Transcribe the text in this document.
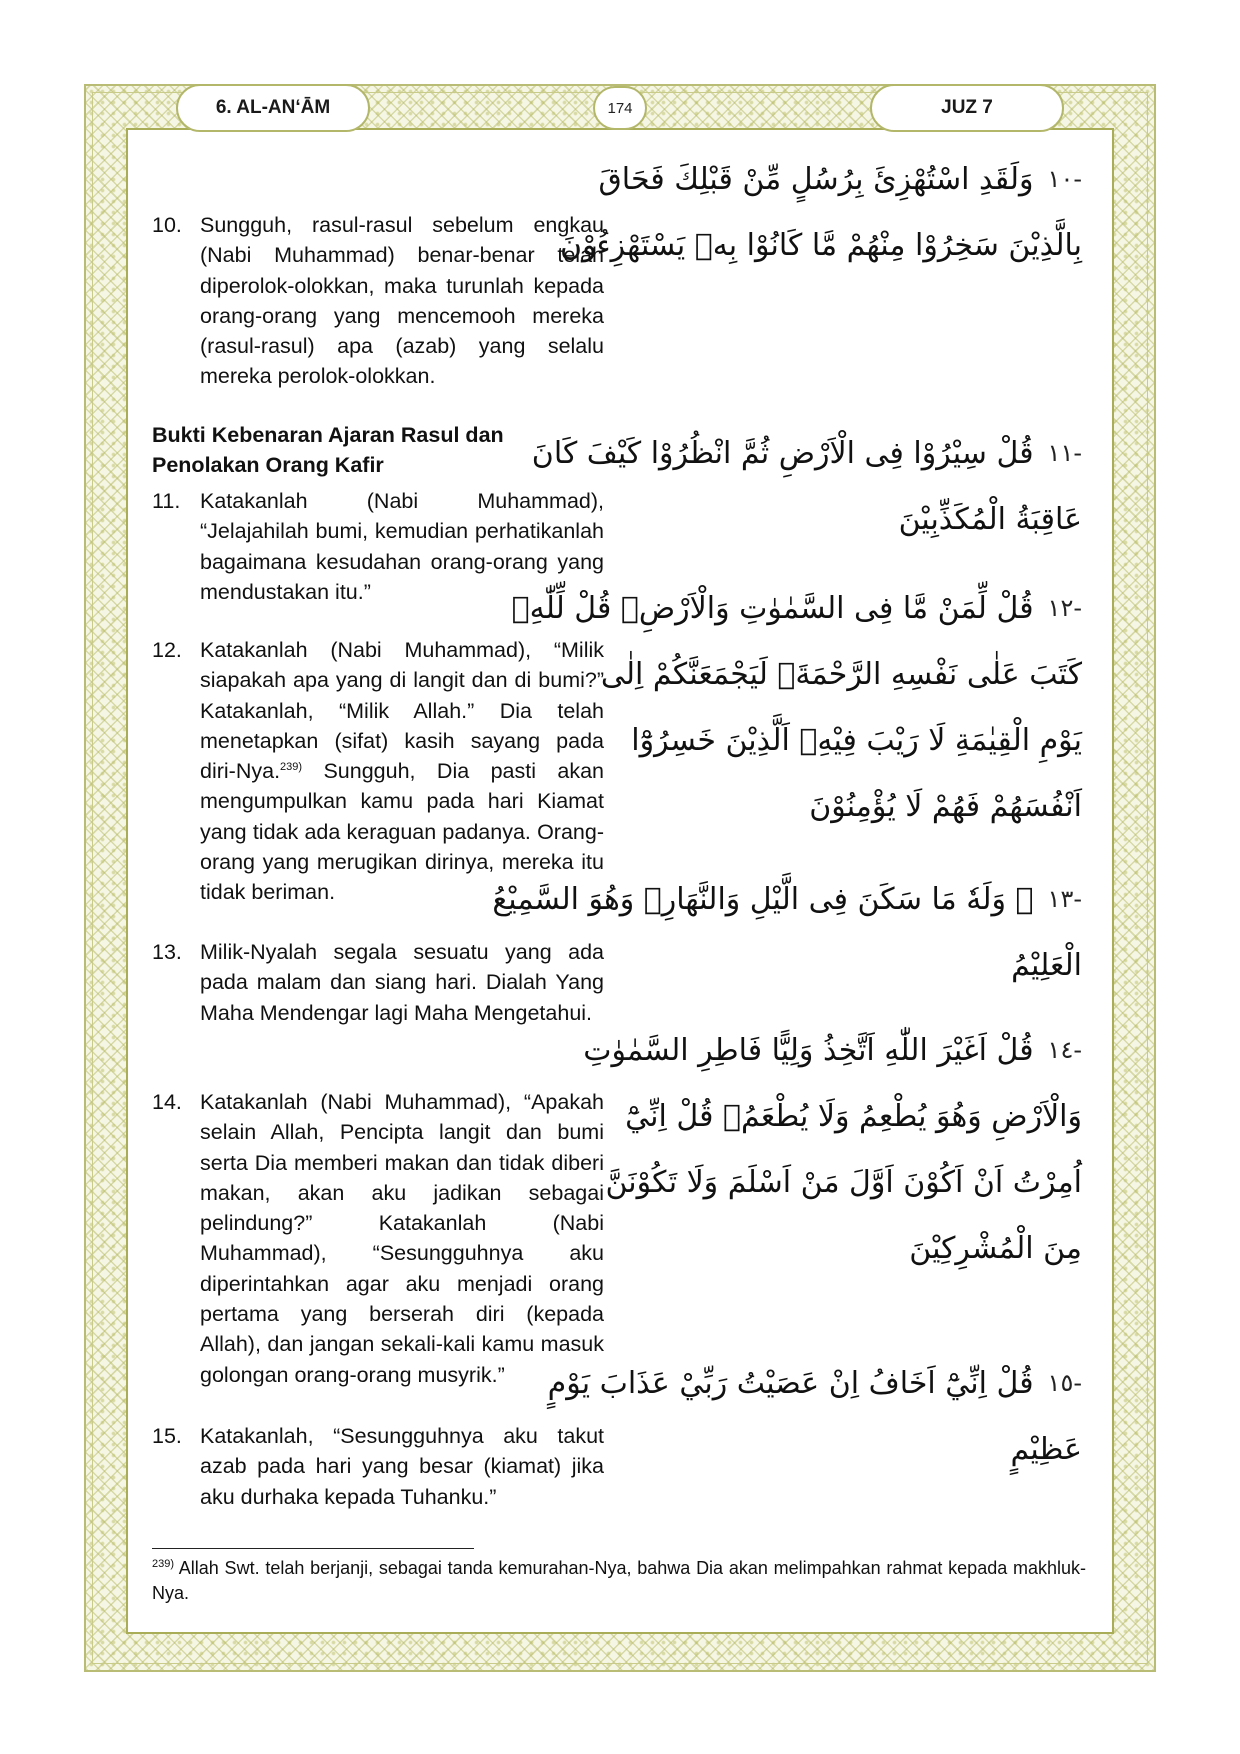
6. AL-AN‘ĀM	174	JUZ 7
10. Sungguh, rasul-rasul sebelum engkau (Nabi Muhammad) benar-benar telah diperolok-olokkan, maka turunlah kepada orang-orang yang mencemooh mereka (rasul-rasul) apa (azab) yang selalu mereka perolok-olokkan.
Bukti Kebenaran Ajaran Rasul dan
Penolakan Orang Kafir
11. Katakanlah (Nabi Muhammad), “Jelajahilah bumi, kemudian perhatikanlah bagaimana kesudahan orang-orang yang mendustakan itu.”
12. Katakanlah (Nabi Muhammad), “Milik siapakah apa yang di langit dan di bumi?” Katakanlah, “Milik Allah.” Dia telah menetapkan (sifat) kasih sayang pada diri-Nya.$^{239)}$ Sungguh, Dia pasti akan mengumpulkan kamu pada hari Kiamat yang tidak ada keraguan padanya. Orang-orang yang merugikan dirinya, mereka itu tidak beriman.
13. Milik-Nyalah segala sesuatu yang ada pada malam dan siang hari. Dialah Yang Maha Mendengar lagi Maha Mengetahui.
14. Katakanlah (Nabi Muhammad), “Apakah selain Allah, Pencipta langit dan bumi serta Dia memberi makan dan tidak diberi makan, akan aku jadikan sebagai pelindung?” Katakanlah (Nabi Muhammad), “Sesungguhnya aku diperintahkan agar aku menjadi orang pertama yang berserah diri (kepada Allah), dan jangan sekali-kali kamu masuk golongan orang-orang musyrik.”
15. Katakanlah, “Sesungguhnya aku takut azab pada hari yang besar (kiamat) jika aku durhaka kepada Tuhanku.”
-١٠
وَلَقَدِ اسْتُهْزِئَ بِرُسُلٍ مِّنْ قَبْلِكَ فَحَاقَ
بِالَّذِيْنَ سَخِرُوْا مِنْهُمْ مَّا كَانُوْا بِهٖ يَسْتَهْزِءُوْنَ
-١١
قُلْ سِيْرُوْا فِى الْاَرْضِ ثُمَّ انْظُرُوْا كَيْفَ كَانَ
عَاقِبَةُ الْمُكَذِّبِيْنَ
-١٢
قُلْ لِّمَنْ مَّا فِى السَّمٰوٰتِ وَالْاَرْضِۗ قُلْ لِّلّٰهِۗ
كَتَبَ عَلٰى نَفْسِهِ الرَّحْمَةَۗ لَيَجْمَعَنَّكُمْ اِلٰى
يَوْمِ الْقِيٰمَةِ لَا رَيْبَ فِيْهِۗ اَلَّذِيْنَ خَسِرُوْٓا
اَنْفُسَهُمْ فَهُمْ لَا يُؤْمِنُوْنَ
-١٣
۞ وَلَهٗ مَا سَكَنَ فِى الَّيْلِ وَالنَّهَارِۗ وَهُوَ السَّمِيْعُ
الْعَلِيْمُ
-١٤
قُلْ اَغَيْرَ اللّٰهِ اَتَّخِذُ وَلِيًّا فَاطِرِ السَّمٰوٰتِ
وَالْاَرْضِ وَهُوَ يُطْعِمُ وَلَا يُطْعَمُۗ قُلْ اِنِّيْٓ
اُمِرْتُ اَنْ اَكُوْنَ اَوَّلَ مَنْ اَسْلَمَ وَلَا تَكُوْنَنَّ
مِنَ الْمُشْرِكِيْنَ
-١٥
قُلْ اِنِّيْٓ اَخَافُ اِنْ عَصَيْتُ رَبِّيْ عَذَابَ يَوْمٍ
عَظِيْمٍ
$^{239)}$ Allah Swt. telah berjanji, sebagai tanda kemurahan-Nya, bahwa Dia akan melimpahkan rahmat kepada makhluk-Nya.
